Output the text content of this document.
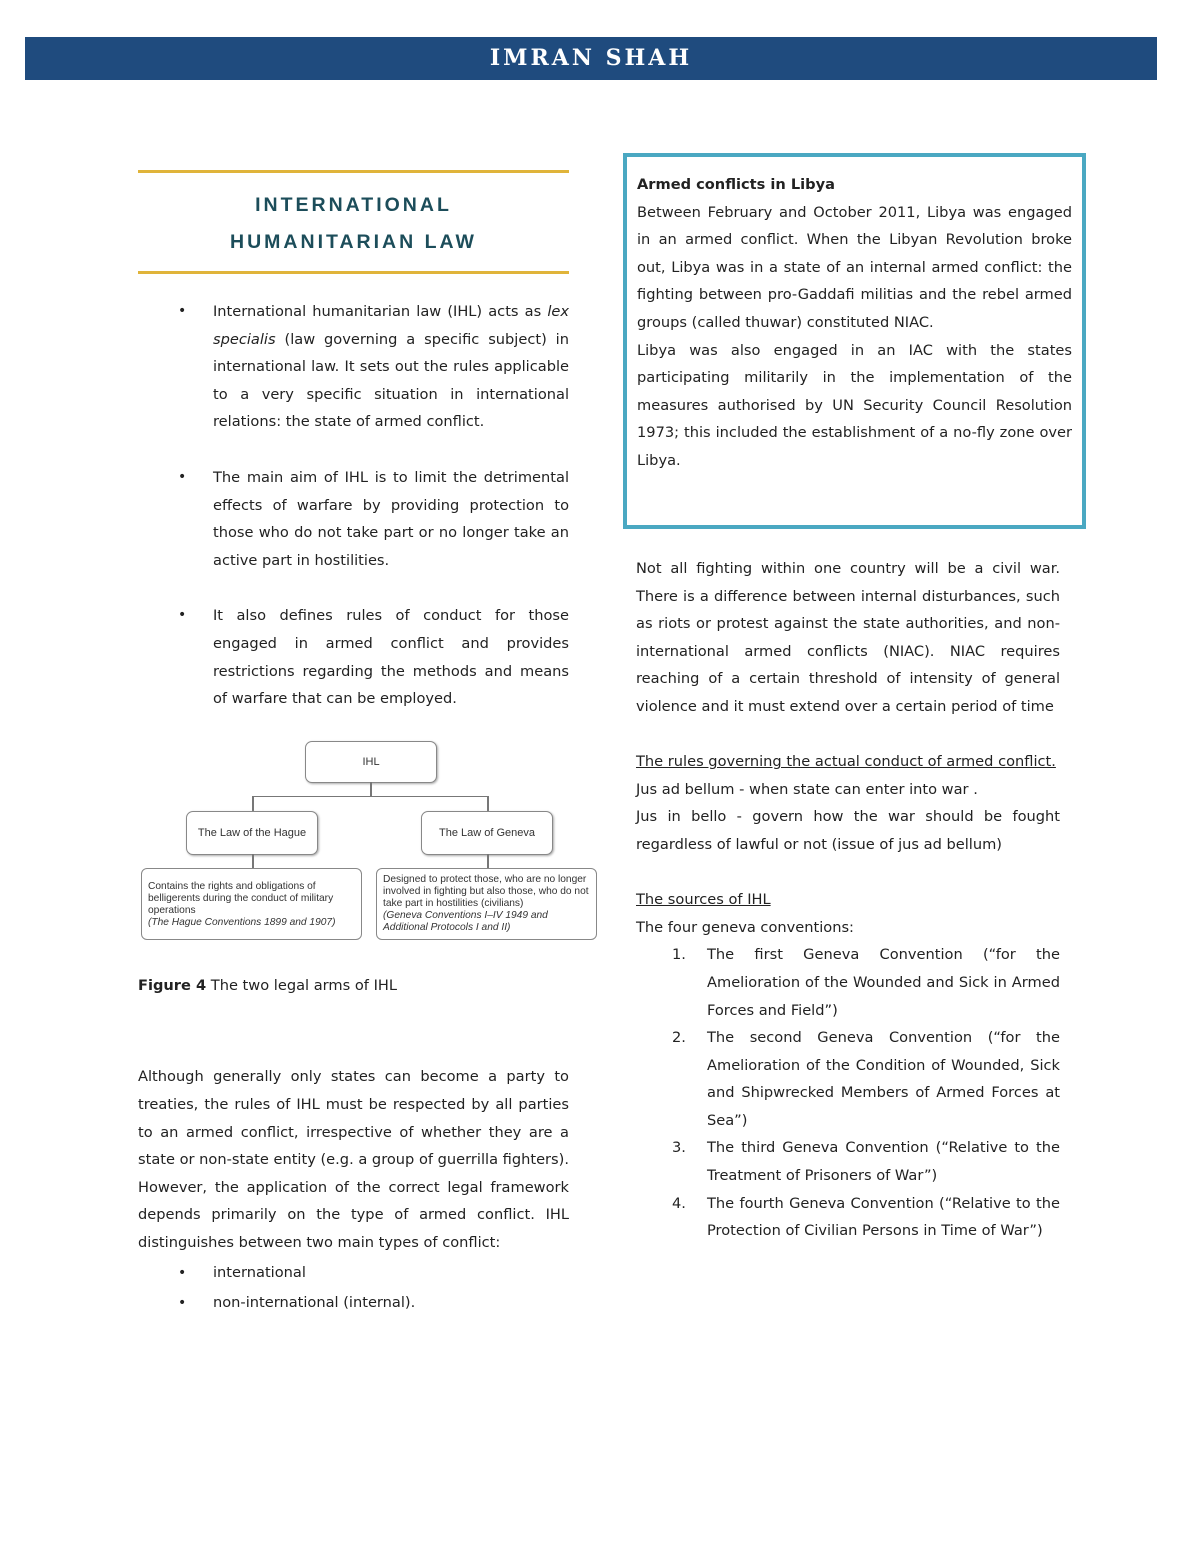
IMRAN SHAH
INTERNATIONAL
HUMANITARIAN LAW
• International humanitarian law (IHL) acts as lex specialis (law governing a specific subject) in international law. It sets out the rules applicable to a very specific situation in international relations: the state of armed conflict.
• The main aim of IHL is to limit the detrimental effects of warfare by providing protection to those who do not take part or no longer take an active part in hostilities.
• It also defines rules of conduct for those engaged in armed conflict and provides restrictions regarding the methods and means of warfare that can be employed.
IHL
The Law of the Hague	The Law of Geneva
Contains the rights and obligations of belligerents during the conduct of military operations
(The Hague Conventions 1899 and 1907)
Designed to protect those, who are no longer involved in fighting but also those, who do not take part in hostilities (civilians)
(Geneva Conventions I–IV 1949 and Additional Protocols I and II)

Figure 4 The two legal arms of IHL

Although generally only states can become a party to treaties, the rules of IHL must be respected by all parties to an armed conflict, irrespective of whether they are a state or non-state entity (e.g. a group of guerrilla fighters). However, the application of the correct legal framework depends primarily on the type of armed conflict. IHL distinguishes between two main types of conflict:

• international
• non-international (internal).

Armed conflicts in Libya

Between February and October 2011, Libya was engaged in an armed conflict. When the Libyan Revolution broke out, Libya was in a state of an internal armed conflict: the fighting between pro-Gaddafi militias and the rebel armed groups (called thuwar) constituted NIAC.

Libya was also engaged in an IAC with the states participating militarily in the implementation of the measures authorised by UN Security Council Resolution 1973; this included the establishment of a no-fly zone over Libya.

Not all fighting within one country will be a civil war. There is a difference between internal disturbances, such as riots or protest against the state authorities, and non-international armed conflicts (NIAC). NIAC requires reaching of a certain threshold of intensity of general violence and it must extend over a certain period of time

The rules governing the actual conduct of armed conflict.

Jus ad bellum - when state can enter into war .

Jus in bello - govern how the war should be fought regardless of lawful or not (issue of jus ad bellum)

The sources of IHL

The four geneva conventions:

1. The first Geneva Convention (“for the Amelioration of the Wounded and Sick in Armed Forces and Field”)
2. The second Geneva Convention (“for the Amelioration of the Condition of Wounded, Sick and Shipwrecked Members of Armed Forces at Sea”)
3. The third Geneva Convention (“Relative to the Treatment of Prisoners of War”)
4. The fourth Geneva Convention (“Relative to the Protection of Civilian Persons in Time of War”)
